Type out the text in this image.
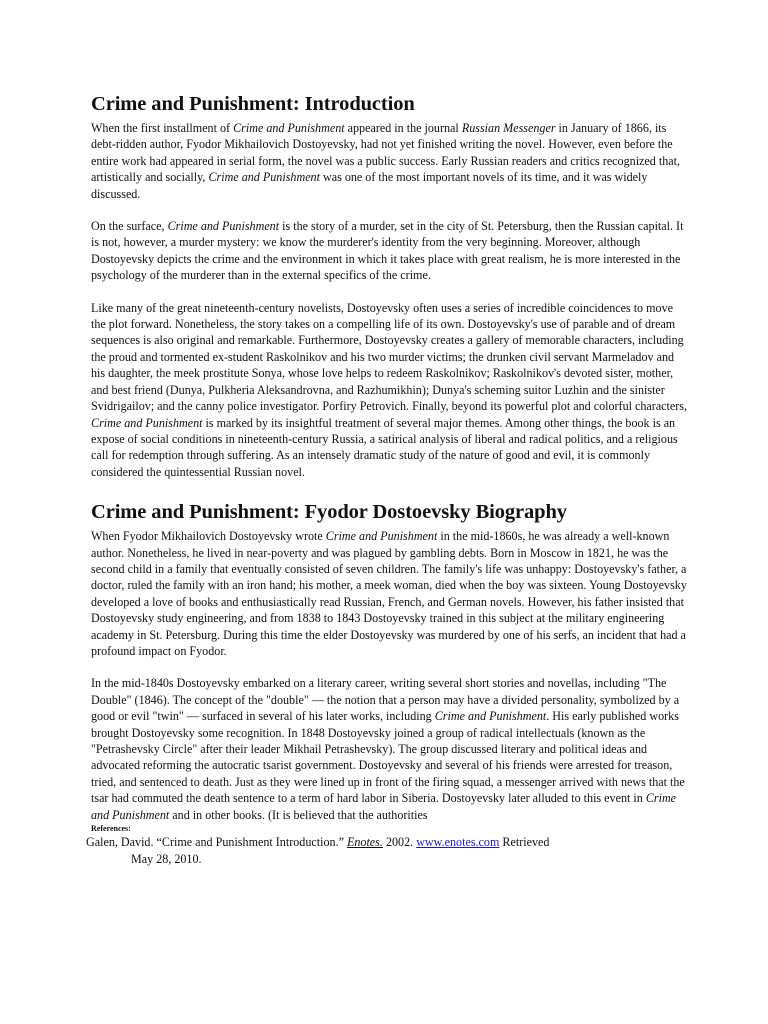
Crime and Punishment: Introduction

When the first installment of Crime and Punishment appeared in the journal Russian Messenger in January of 1866, its debt-ridden author, Fyodor Mikhailovich Dostoyevsky, had not yet finished writing the novel. However, even before the entire work had appeared in serial form, the novel was a public success. Early Russian readers and critics recognized that, artistically and socially, Crime and Punishment was one of the most important novels of its time, and it was widely discussed.

On the surface, Crime and Punishment is the story of a murder, set in the city of St. Petersburg, then the Russian capital. It is not, however, a murder mystery: we know the murderer's identity from the very beginning. Moreover, although Dostoyevsky depicts the crime and the environment in which it takes place with great realism, he is more interested in the psychology of the murderer than in the external specifics of the crime.

Like many of the great nineteenth-century novelists, Dostoyevsky often uses a series of incredible coincidences to move the plot forward. Nonetheless, the story takes on a compelling life of its own. Dostoyevsky's use of parable and of dream sequences is also original and remarkable. Furthermore, Dostoyevsky creates a gallery of memorable characters, including the proud and tormented ex-student Raskolnikov and his two murder victims; the drunken civil servant Marmeladov and his daughter, the meek prostitute Sonya, whose love helps to redeem Raskolnikov; Raskolnikov's devoted sister, mother, and best friend (Dunya, Pulkheria Aleksandrovna, and Razhumikhin); Dunya's scheming suitor Luzhin and the sinister Svidrigailov; and the canny police investigator. Porfiry Petrovich. Finally, beyond its powerful plot and colorful characters, Crime and Punishment is marked by its insightful treatment of several major themes. Among other things, the book is an expose of social conditions in nineteenth-century Russia, a satirical analysis of liberal and radical politics, and a religious call for redemption through suffering. As an intensely dramatic study of the nature of good and evil, it is commonly considered the quintessential Russian novel.

Crime and Punishment: Fyodor Dostoevsky Biography

When Fyodor Mikhailovich Dostoyevsky wrote Crime and Punishment in the mid-1860s, he was already a well-known author. Nonetheless, he lived in near-poverty and was plagued by gambling debts. Born in Moscow in 1821, he was the second child in a family that eventually consisted of seven children. The family's life was unhappy: Dostoyevsky's father, a doctor, ruled the family with an iron hand; his mother, a meek woman, died when the boy was sixteen. Young Dostoyevsky developed a love of books and enthusiastically read Russian, French, and German novels. However, his father insisted that Dostoyevsky study engineering, and from 1838 to 1843 Dostoyevsky trained in this subject at the military engineering academy in St. Petersburg. During this time the elder Dostoyevsky was murdered by one of his serfs, an incident that had a profound impact on Fyodor.

In the mid-1840s Dostoyevsky embarked on a literary career, writing several short stories and novellas, including "The Double" (1846). The concept of the "double" — the notion that a person may have a divided personality, symbolized by a good or evil "twin" — surfaced in several of his later works, including Crime and Punishment. His early published works brought Dostoyevsky some recognition. In 1848 Dostoyevsky joined a group of radical intellectuals (known as the "Petrashevsky Circle" after their leader Mikhail Petrashevsky). The group discussed literary and political ideas and advocated reforming the autocratic tsarist government. Dostoyevsky and several of his friends were arrested for treason, tried, and sentenced to death. Just as they were lined up in front of the firing squad, a messenger arrived with news that the tsar had commuted the death sentence to a term of hard labor in Siberia. Dostoyevsky later alluded to this event in Crime and Punishment and in other books. (It is believed that the authorities

References:
Galen, David. “Crime and Punishment Introduction.” Enotes. 2002. www.enotes.com Retrieved
May 28, 2010.
